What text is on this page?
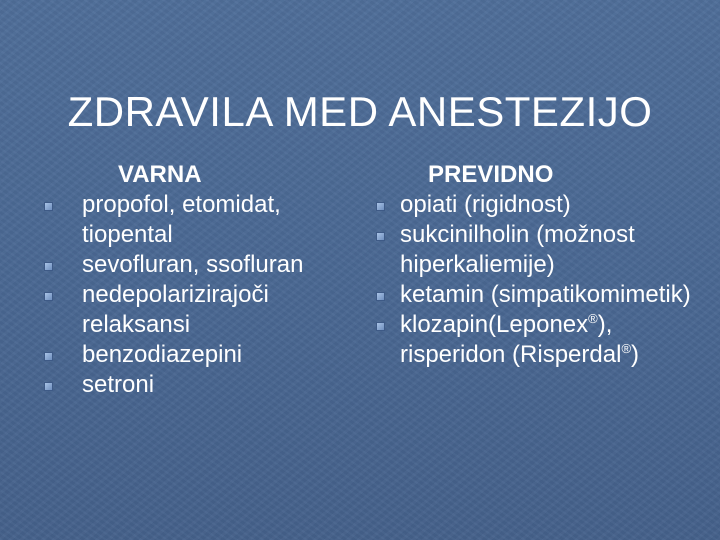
ZDRAVILA MED ANESTEZIJO
VARNA
propofol, etomidat, tiopental
sevofluran, ssofluran
nedepolarizirajoči relaksansi
benzodiazepini
setroni
PREVIDNO
opiati (rigidnost)
sukcinilholin (možnost hiperkaliemije)
ketamin (simpatikomimetik)
klozapin(Leponex®), risperidon (Risperdal®)
